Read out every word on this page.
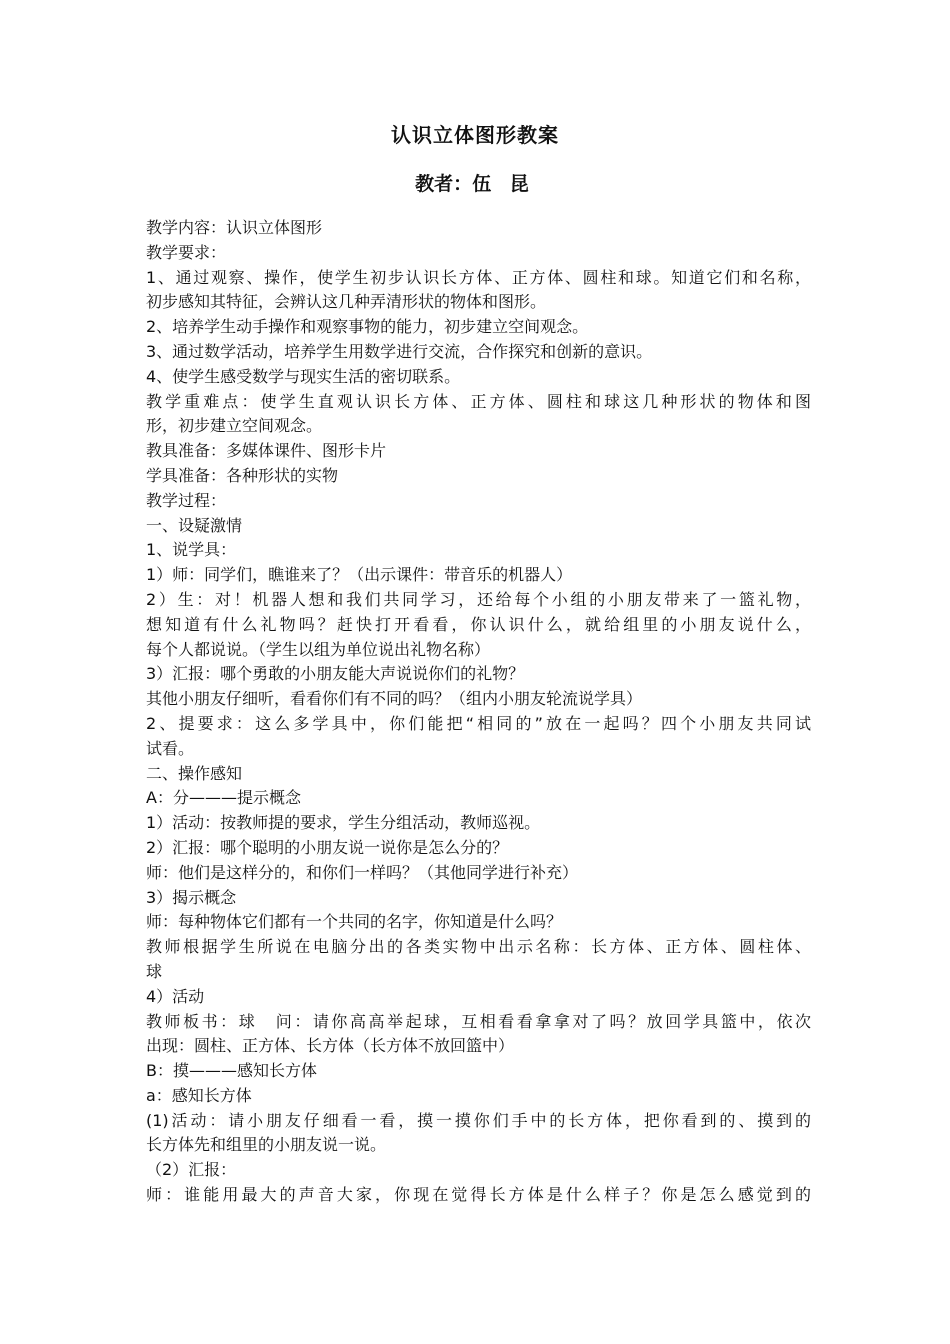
认识立体图形教案
教者：伍 昆
教学内容：认识立体图形
教学要求：
1、通过观察、操作，使学生初步认识长方体、正方体、圆柱和球。知道它们和名称，
初步感知其特征，会辨认这几种弄清形状的物体和图形。
2、培养学生动手操作和观察事物的能力，初步建立空间观念。
3、通过数学活动，培养学生用数学进行交流，合作探究和创新的意识。
4、使学生感受数学与现实生活的密切联系。
教学重难点：使学生直观认识长方体、正方体、圆柱和球这几种形状的物体和图
形，初步建立空间观念。
教具准备：多媒体课件、图形卡片
学具准备：各种形状的实物
教学过程：
一、设疑激情
1、说学具：
1）师：同学们，瞧谁来了？（出示课件：带音乐的机器人）
2）生：对！机器人想和我们共同学习，还给每个小组的小朋友带来了一篮礼物，
想知道有什么礼物吗？赶快打开看看，你认识什么，就给组里的小朋友说什么，
每个人都说说。（学生以组为单位说出礼物名称）
3）汇报：哪个勇敢的小朋友能大声说说你们的礼物？
其他小朋友仔细听，看看你们有不同的吗？（组内小朋友轮流说学具）
2、提要求：这么多学具中，你们能把“相同的”放在一起吗？四个小朋友共同试
试看。
二、操作感知
A：分———提示概念
1）活动：按教师提的要求，学生分组活动，教师巡视。
2）汇报：哪个聪明的小朋友说一说你是怎么分的？
师：他们是这样分的，和你们一样吗？（其他同学进行补充）
3）揭示概念
师：每种物体它们都有一个共同的名字，你知道是什么吗？
教师根据学生所说在电脑分出的各类实物中出示名称：长方体、正方体、圆柱体、
球
4）活动
教师板书：球　问：请你高高举起球，互相看看拿拿对了吗？放回学具篮中，依次
出现：圆柱、正方体、长方体（长方体不放回篮中）
B：摸———感知长方体
a：感知长方体
(1)活动：请小朋友仔细看一看，摸一摸你们手中的长方体，把你看到的、摸到的
长方体先和组里的小朋友说一说。
（2）汇报：
师：谁能用最大的声音大家，你现在觉得长方体是什么样子？你是怎么感觉到的
